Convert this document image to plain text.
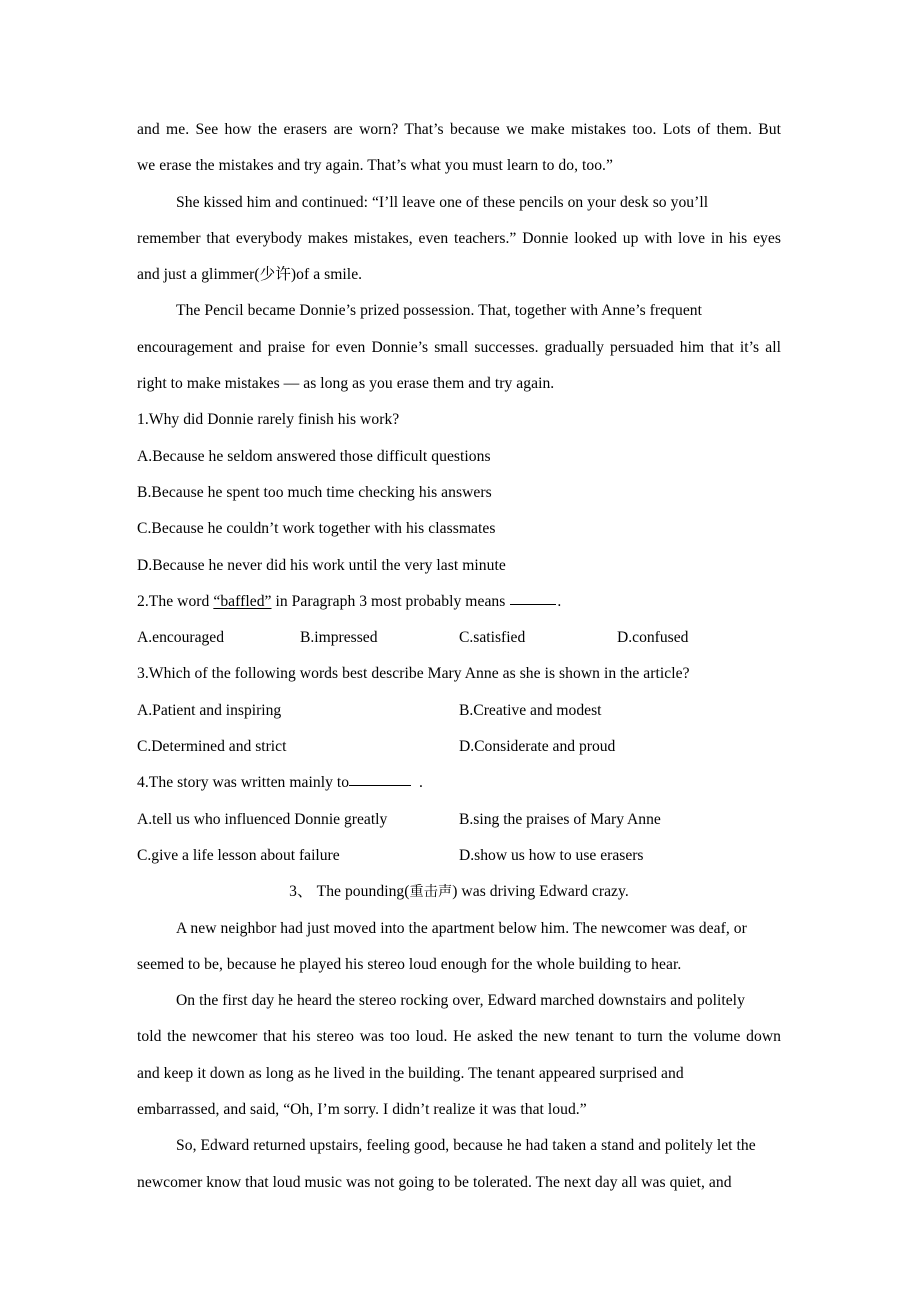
and me. See how the erasers are worn? That’s because we make mistakes too. Lots of them. But
we erase the mistakes and try again. That’s what you must learn to do, too.”
She kissed him and continued: “I’ll leave one of these pencils on your desk so you’ll
remember that everybody makes mistakes, even teachers.” Donnie looked up with love in his eyes
and just a glimmer(少许)of a smile.
The Pencil became Donnie’s prized possession. That, together with Anne’s frequent
encouragement and praise for even Donnie’s small successes. gradually persuaded him that it’s all
right to make mistakes — as long as you erase them and try again.
1.Why did Donnie rarely finish his work?
A.Because he seldom answered those difficult questions
B.Because he spent too much time checking his answers
C.Because he couldn’t work together with his classmates
D.Because he never did his work until the very last minute
2.The word “baffled” in Paragraph 3 most probably means	.
A.encouraged	B.impressed	C.satisfied	D.confused
3.Which of the following words best describe Mary Anne as she is shown in the article?
A.Patient and inspiring	B.Creative and modest
C.Determined and strict	D.Considerate and proud
4.The story was written mainly to	.
A.tell us who influenced Donnie greatly	B.sing the praises of Mary Anne
C.give a life lesson about failure	D.show us how to use erasers
3、 The pounding(重击声) was driving Edward crazy.
A new neighbor had just moved into the apartment below him. The newcomer was deaf, or
seemed to be, because he played his stereo loud enough for the whole building to hear.
On the first day he heard the stereo rocking over, Edward marched downstairs and politely
told the newcomer that his stereo was too loud. He asked the new tenant to turn the volume down
and keep it down as long as he lived in the building. The tenant appeared surprised and
embarrassed, and said, “Oh, I’m sorry. I didn’t realize it was that loud.”
So, Edward returned upstairs, feeling good, because he had taken a stand and politely let the
newcomer know that loud music was not going to be tolerated. The next day all was quiet, and
